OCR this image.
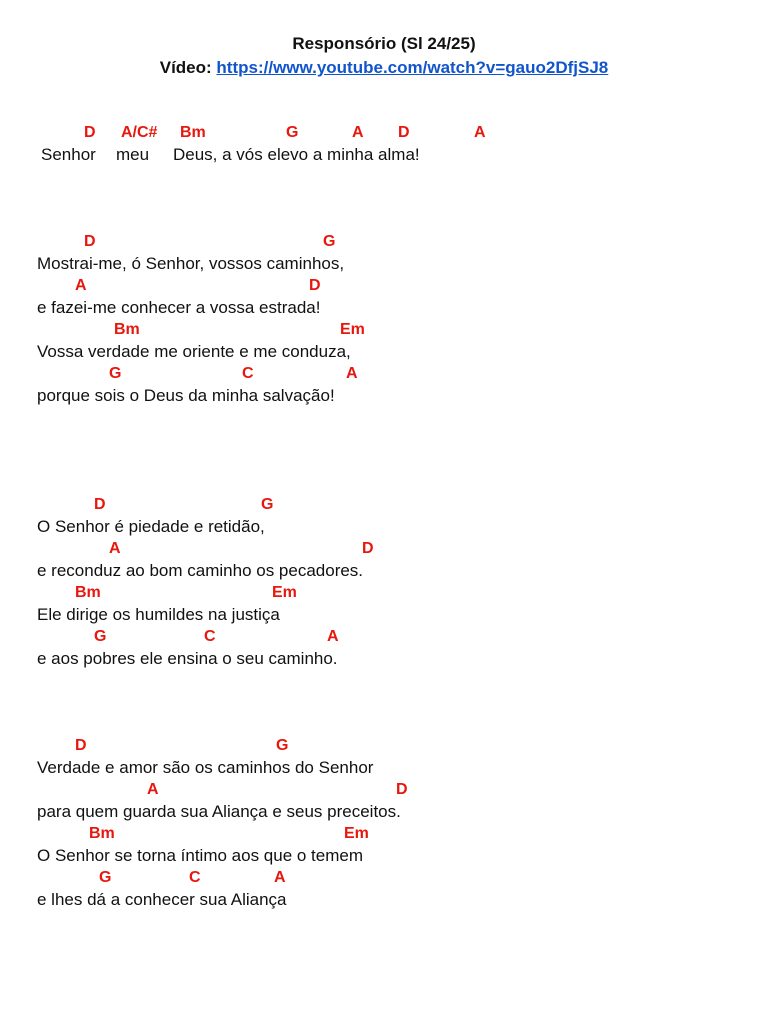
Responsório (Sl 24/25)
Vídeo: https://www.youtube.com/watch?v=gauo2DfjSJ8
D A/C# Bm	G	A D	A
Senhor meu Deus, a vós elevo a minha alma!
D	G
Mostrai-me, ó Senhor, vossos caminhos,
A	D
e fazei-me conhecer a vossa estrada!
Bm	Em
Vossa verdade me oriente e me conduza,
G	C	A
porque sois o Deus da minha salvação!
D	G
O Senhor é piedade e retidão,
A	D
e reconduz ao bom caminho os pecadores.
Bm	Em
Ele dirige os humildes na justiça
G	C	A
e aos pobres ele ensina o seu caminho.
D	G
Verdade e amor são os caminhos do Senhor
A	D
para quem guarda sua Aliança e seus preceitos.
Bm	Em
O Senhor se torna íntimo aos que o temem
G	C	A
e lhes dá a conhecer sua Aliança
